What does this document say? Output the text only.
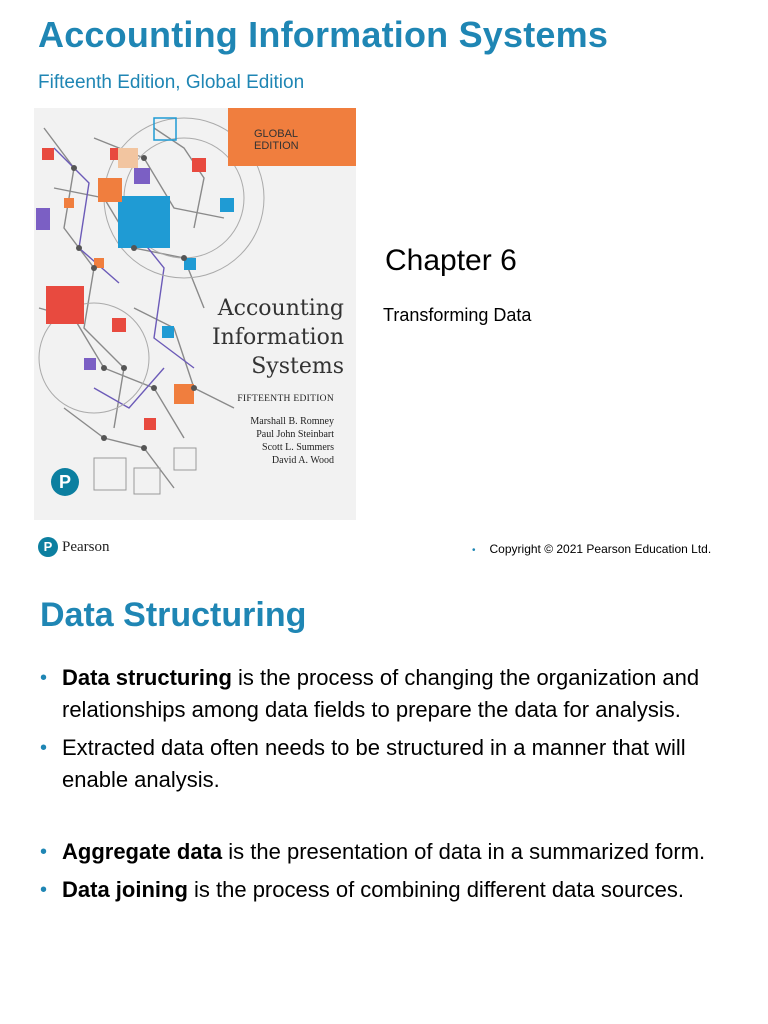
Accounting Information Systems
Fifteenth Edition, Global Edition
GLOBAL
EDITION
Accounting
Information
Systems
FIFTEENTH EDITION
Marshall B. Romney
Paul John Steinbart
Scott L. Summers
David A. Wood
P
Chapter 6
Transforming Data
P Pearson	• Copyright © 2021 Pearson Education Ltd.
Data Structuring
• Data structuring is the process of changing the organization and relationships among data fields to prepare the data for analysis.
• Extracted data often needs to be structured in a manner that will enable analysis.
• Aggregate data is the presentation of data in a summarized form.
• Data joining is the process of combining different data sources.
